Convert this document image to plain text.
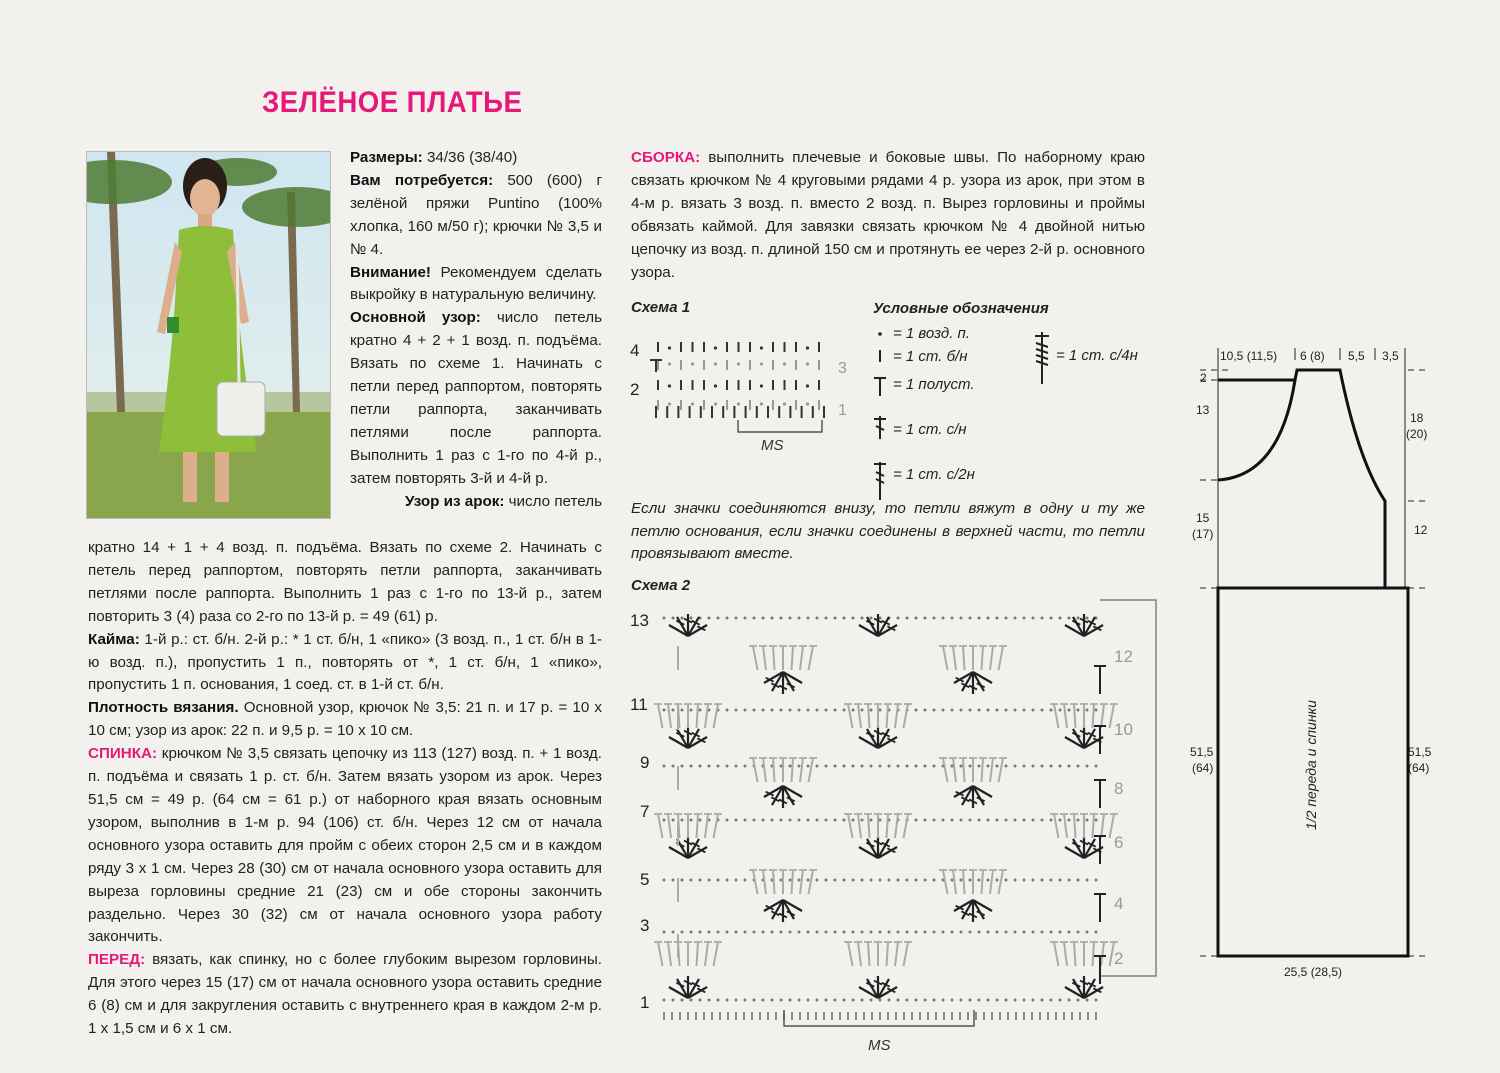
ЗЕЛЁНОЕ ПЛАТЬЕ

Размеры: 34/36 (38/40)

Вам потребуется: 500 (600) г зелёной пряжи Puntino (100% хлопка, 160 м/50 г); крючки № 3,5 и № 4.

Внимание! Рекомендуем сделать выкройку в натуральную величину.

Основной узор: число петель кратно 4 + 2 + 1 возд. п. подъёма. Вязать по схеме 1. Начинать с петли перед раппортом, повторять петли раппорта, заканчивать петлями после раппорта. Выполнить 1 раз с 1-го по 4-й р., затем повторять 3-й и 4-й р.

Узор из арок: число петель

кратно 14 + 1 + 4 возд. п. подъёма. Вязать по схеме 2. Начинать с петель перед раппортом, повторять петли раппорта, заканчивать петлями после раппорта. Выполнить 1 раз с 1-го по 13-й р., затем повторить 3 (4) раза со 2-го по 13-й р. = 49 (61) р.

Кайма: 1-й р.: ст. б/н. 2-й р.: * 1 ст. б/н, 1 «пико» (3 возд. п., 1 ст. б/н в 1-ю возд. п.), пропустить 1 п., повторять от *, 1 ст. б/н, 1 «пико», пропустить 1 п. основания, 1 соед. ст. в 1-й ст. б/н.

Плотность вязания. Основной узор, крючок № 3,5: 21 п. и 17 р. = 10 х 10 см; узор из арок: 22 п. и 9,5 р. = 10 х 10 см.

СПИНКА: крючком № 3,5 связать цепочку из 113 (127) возд. п. + 1 возд. п. подъёма и связать 1 р. ст. б/н. Затем вязать узором из арок. Через 51,5 см = 49 р. (64 см = 61 р.) от наборного края вязать основным узором, выполнив в 1-м р. 94 (106) ст. б/н. Через 12 см от начала основного узора оставить для пройм с обеих сторон 2,5 см и в каждом ряду 3 х 1 см. Через 28 (30) см от начала основного узора оставить для выреза горловины средние 21 (23) см и обе стороны закончить раздельно. Через 30 (32) см от начала основного узора работу закончить.

ПЕРЕД: вязать, как спинку, но с более глубоким вырезом горловины. Для этого через 15 (17) см от начала основного узора оставить средние 6 (8) см и для закругления оставить с внутреннего края в каждом 2-м р. 1 х 1,5 см и 6 х 1 см.

СБОРКА: выполнить плечевые и боковые швы. По наборному краю связать крючком № 4 круговыми рядами 4 р. узора из арок, при этом в 4-м р. вязать 3 возд. п. вместо 2 возд. п. Вырез горловины и проймы обвязать каймой. Для завязки связать крючком № 4 двойной нитью цепочку из возд. п. длиной 150 см и протянуть ее через 2-й р. основного узора.

Схема 1
4
2
3
1
MS
Условные обозначения
= 1 возд. п.
= 1 ст. б/н
= 1 полуст.
= 1 ст. с/н
= 1 ст. с/2н
= 1 ст. с/4н

Если значки соединяются внизу, то петли вяжут в одну и ту же петлю основания, если значки соединены в верхней части, то петли провязывают вместе.

Схема 2
13
11
9
7
5
3
1
12
10
8
6
4
2
MS
10,5 (11,5) 6 (8) 5,5 3,5
2
13
18
(20)
15
(17)	12
51,5
(64)
51,5
(64)
25,5 (28,5)
1/2 переда и спинки
